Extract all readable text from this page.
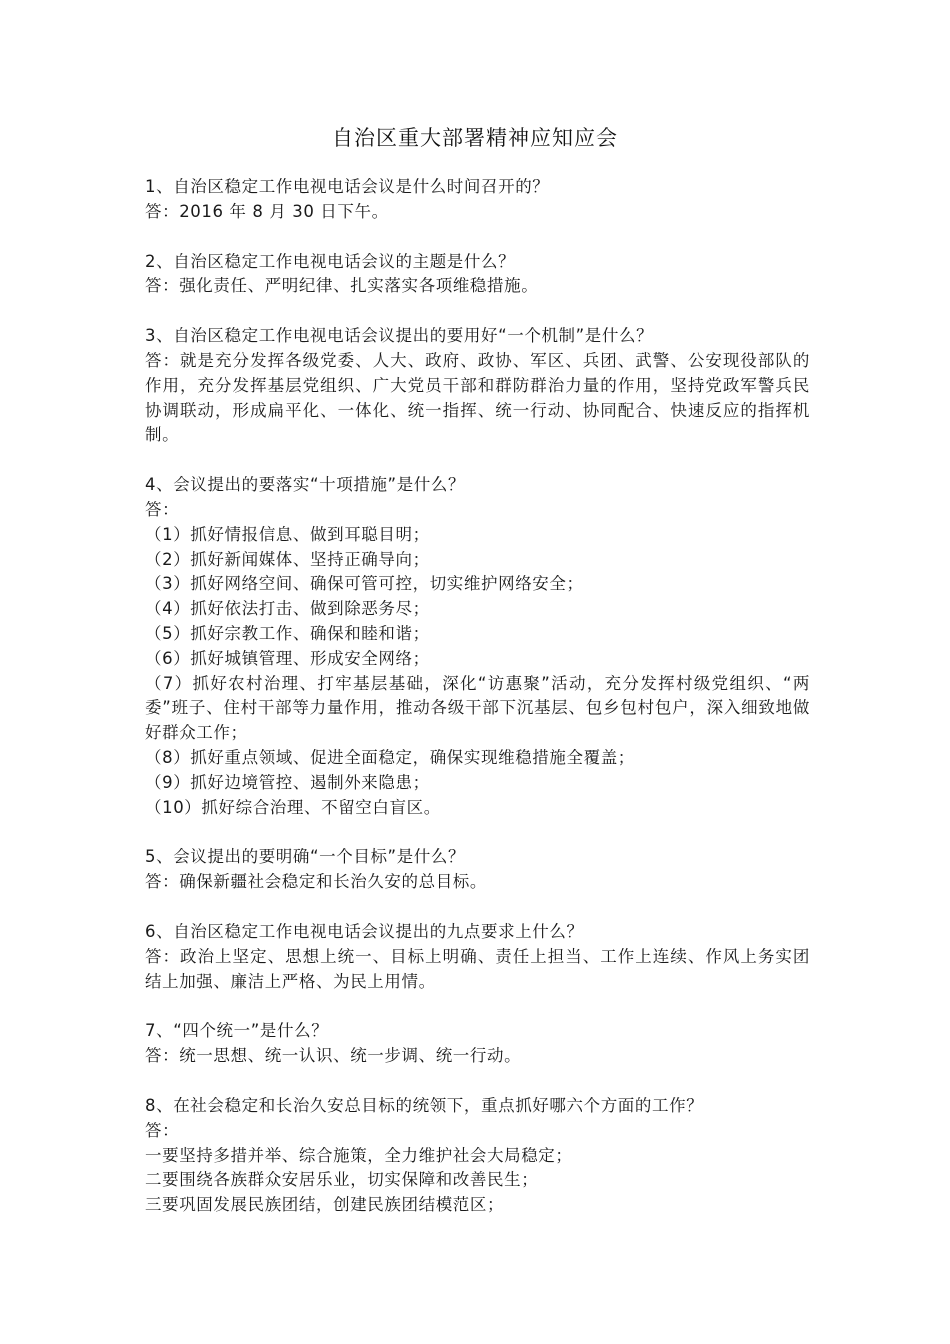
自治区重大部署精神应知应会
1、自治区稳定工作电视电话会议是什么时间召开的？
答：2016 年 8 月 30 日下午。
2、自治区稳定工作电视电话会议的主题是什么？
答：强化责任、严明纪律、扎实落实各项维稳措施。
3、自治区稳定工作电视电话会议提出的要用好“一个机制”是什么？
答：就是充分发挥各级党委、人大、政府、政协、军区、兵团、武警、公安现役部队的作用，充分发挥基层党组织、广大党员干部和群防群治力量的作用，坚持党政军警兵民协调联动，形成扁平化、一体化、统一指挥、统一行动、协同配合、快速反应的指挥机制。
4、会议提出的要落实“十项措施”是什么？
答：
（1）抓好情报信息、做到耳聪目明；
（2）抓好新闻媒体、坚持正确导向；
（3）抓好网络空间、确保可管可控，切实维护网络安全；
（4）抓好依法打击、做到除恶务尽；
（5）抓好宗教工作、确保和睦和谐；
（6）抓好城镇管理、形成安全网络；
（7）抓好农村治理、打牢基层基础，深化“访惠聚”活动，充分发挥村级党组织、“两委”班子、住村干部等力量作用，推动各级干部下沉基层、包乡包村包户，深入细致地做好群众工作；
（8）抓好重点领域、促进全面稳定，确保实现维稳措施全覆盖；
（9）抓好边境管控、遏制外来隐患；
（10）抓好综合治理、不留空白盲区。
5、会议提出的要明确“一个目标”是什么？
答：确保新疆社会稳定和长治久安的总目标。
6、自治区稳定工作电视电话会议提出的九点要求上什么？
答：政治上坚定、思想上统一、目标上明确、责任上担当、工作上连续、作风上务实团结上加强、廉洁上严格、为民上用情。
7、“四个统一”是什么？
答：统一思想、统一认识、统一步调、统一行动。
8、在社会稳定和长治久安总目标的统领下，重点抓好哪六个方面的工作？
答：
一要坚持多措并举、综合施策，全力维护社会大局稳定；
二要围绕各族群众安居乐业，切实保障和改善民生；
三要巩固发展民族团结，创建民族团结模范区；
